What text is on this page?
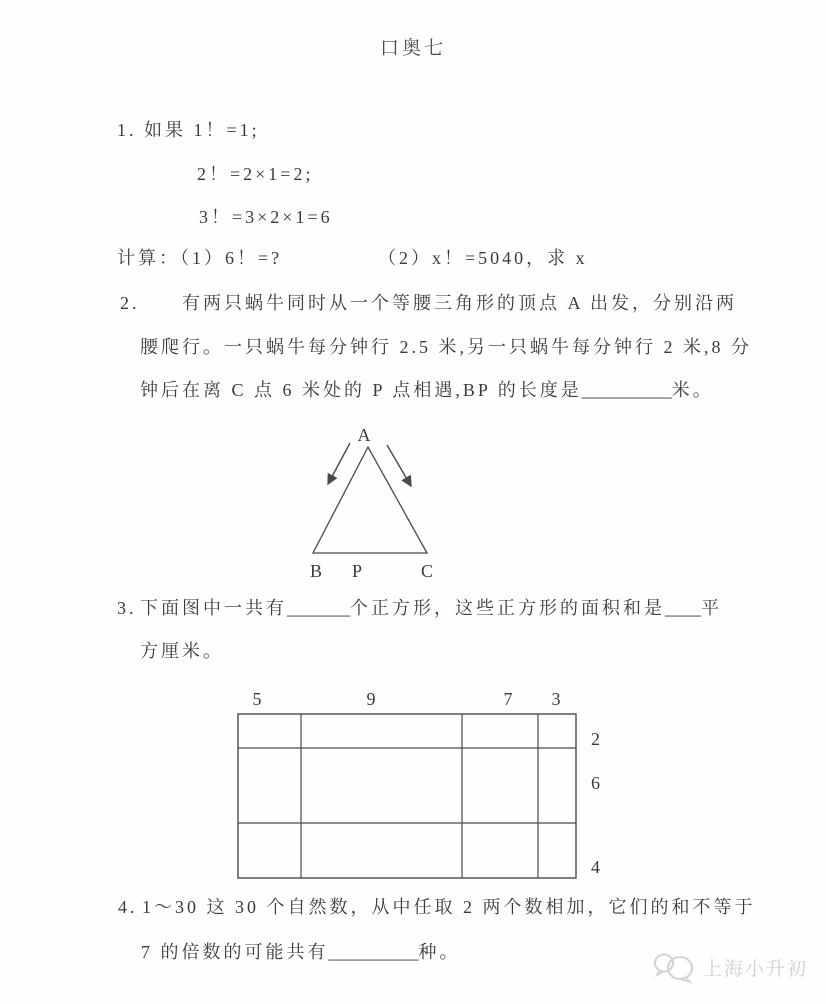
口奥七
1. 如果 1！=1;
2！=2×1=2;
3！=3×2×1=6
计算：（1）6！=?	（2）x！=5040，求 x
2. 有两只蜗牛同时从一个等腰三角形的顶点 A 出发，分别沿两
腰爬行。一只蜗牛每分钟行 2.5 米,另一只蜗牛每分钟行 2 米,8 分
钟后在离 C 点 6 米处的 P 点相遇,BP 的长度是__________米。
A
B P	C
3. 下面图中一共有_______个正方形，这些正方形的面积和是____平
方厘米。
5	9	7 3
2
6
4
4. 1～30 这 30 个自然数，从中任取 2 两个数相加，它们的和不等于
7 的倍数的可能共有__________种。
上海小升初
